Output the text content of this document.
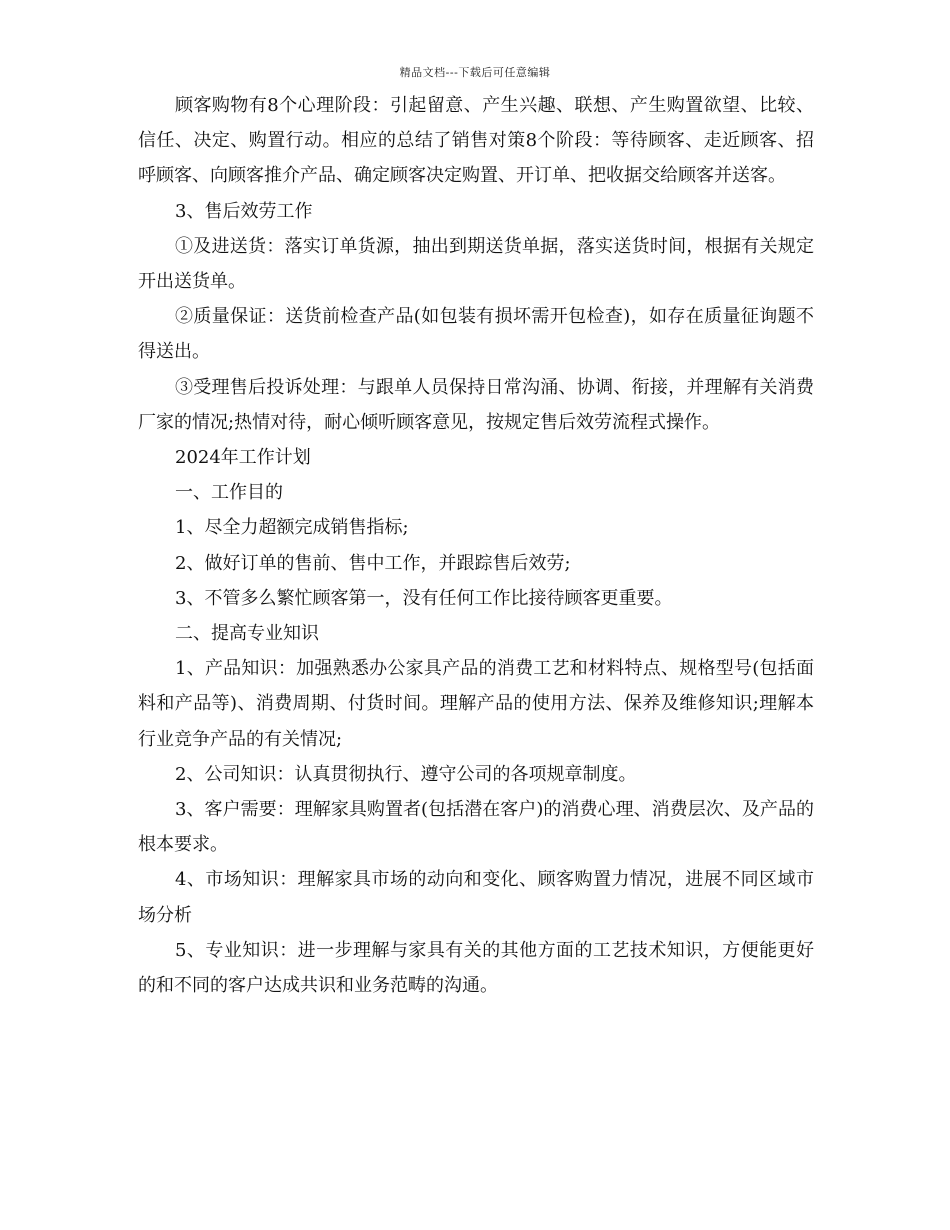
精品文档---下载后可任意编辑

顾客购物有8个心理阶段：引起留意、产生兴趣、联想、产生购置欲望、比较、信任、决定、购置行动。相应的总结了销售对策8个阶段：等待顾客、走近顾客、招呼顾客、向顾客推介产品、确定顾客决定购置、开订单、把收据交给顾客并送客。

3、售后效劳工作

①及进送货：落实订单货源，抽出到期送货单据，落实送货时间，根据有关规定开出送货单。

②质量保证：送货前检查产品(如包装有损坏需开包检查)，如存在质量征询题不得送出。

③受理售后投诉处理：与跟单人员保持日常沟涌、协调、衔接，并理解有关消费厂家的情况;热情对待，耐心倾听顾客意见，按规定售后效劳流程式操作。

2024年工作计划

一、工作目的

1、尽全力超额完成销售指标;

2、做好订单的售前、售中工作，并跟踪售后效劳;

3、不管多么繁忙顾客第一，没有任何工作比接待顾客更重要。

二、提高专业知识

1、产品知识：加强熟悉办公家具产品的消费工艺和材料特点、规格型号(包括面料和产品等)、消费周期、付货时间。理解产品的使用方法、保养及维修知识;理解本行业竞争产品的有关情况;

2、公司知识：认真贯彻执行、遵守公司的各项规章制度。

3、客户需要：理解家具购置者(包括潜在客户)的消费心理、消费层次、及产品的根本要求。

4、市场知识：理解家具市场的动向和变化、顾客购置力情况，进展不同区域市场分析

5、专业知识：进一步理解与家具有关的其他方面的工艺技术知识，方便能更好的和不同的客户达成共识和业务范畴的沟通。
